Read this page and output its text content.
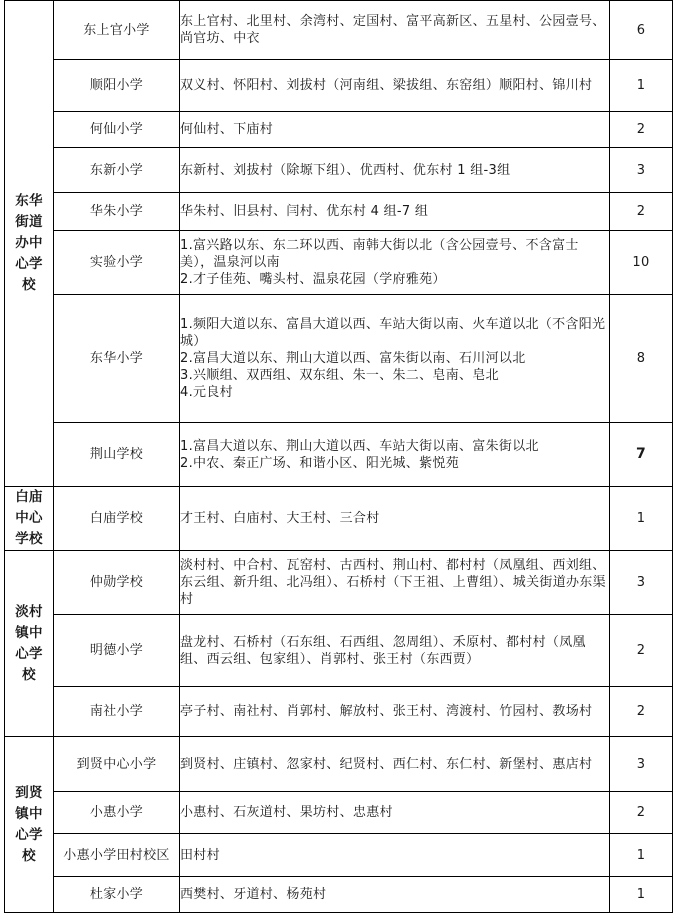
东华街道办中心学校	东上官小学	东上官村、北里村、余湾村、定国村、富平高新区、五星村、公园壹号、尚官坊、中衣	6
	顺阳小学	双义村、怀阳村、刘拔村（河南组、梁拔组、东窑组）顺阳村、锦川村	1
	何仙小学	何仙村、下庙村	2
	东新小学	东新村、刘拔村（除塬下组）、优西村、优东村 1 组-3组	3
	华朱小学	华朱村、旧县村、闫村、优东村 4 组-7 组	2
	实验小学	1.富兴路以东、东二环以西、南韩大街以北（含公园壹号、不含富士美），温泉河以南
2.才子佳苑、嘴头村、温泉花园（学府雅苑）	10
	东华小学	1.频阳大道以东、富昌大道以西、车站大街以南、火车道以北（不含阳光城）
2.富昌大道以东、荆山大道以西、富朱街以南、石川河以北
3.兴顺组、双西组、双东组、朱一、朱二、皂南、皂北
4.元良村	8
	荆山学校	1.富昌大道以东、荆山大道以西、车站大街以南、富朱街以北
2.中农、秦正广场、和谐小区、阳光城、紫悦苑	7
白庙中心学校	白庙学校	才王村、白庙村、大王村、三合村	1
淡村镇中心学校	仲勋学校	淡村村、中合村、瓦窑村、古西村、荆山村、都村村（凤凰组、西刘组、东云组、新升组、北冯组）、石桥村（下王祖、上曹组）、城关街道办东渠村	3
	明德小学	盘龙村、石桥村（石东组、石西组、忽周组）、禾原村、都村村（凤凰组、西云组、包家组）、肖郭村、张王村（东西贾）	2
	南社小学	亭子村、南社村、肖郭村、解放村、张王村、湾渡村、竹园村、教场村	2
到贤镇中心学校	到贤中心小学	到贤村、庄镇村、忽家村、纪贤村、西仁村、东仁村、新堡村、惠店村	3
	小惠小学	小惠村、石灰道村、果坊村、忠惠村	2
	小惠小学田村校区	田村村	1
	杜家小学	西樊村、牙道村、杨苑村	1
